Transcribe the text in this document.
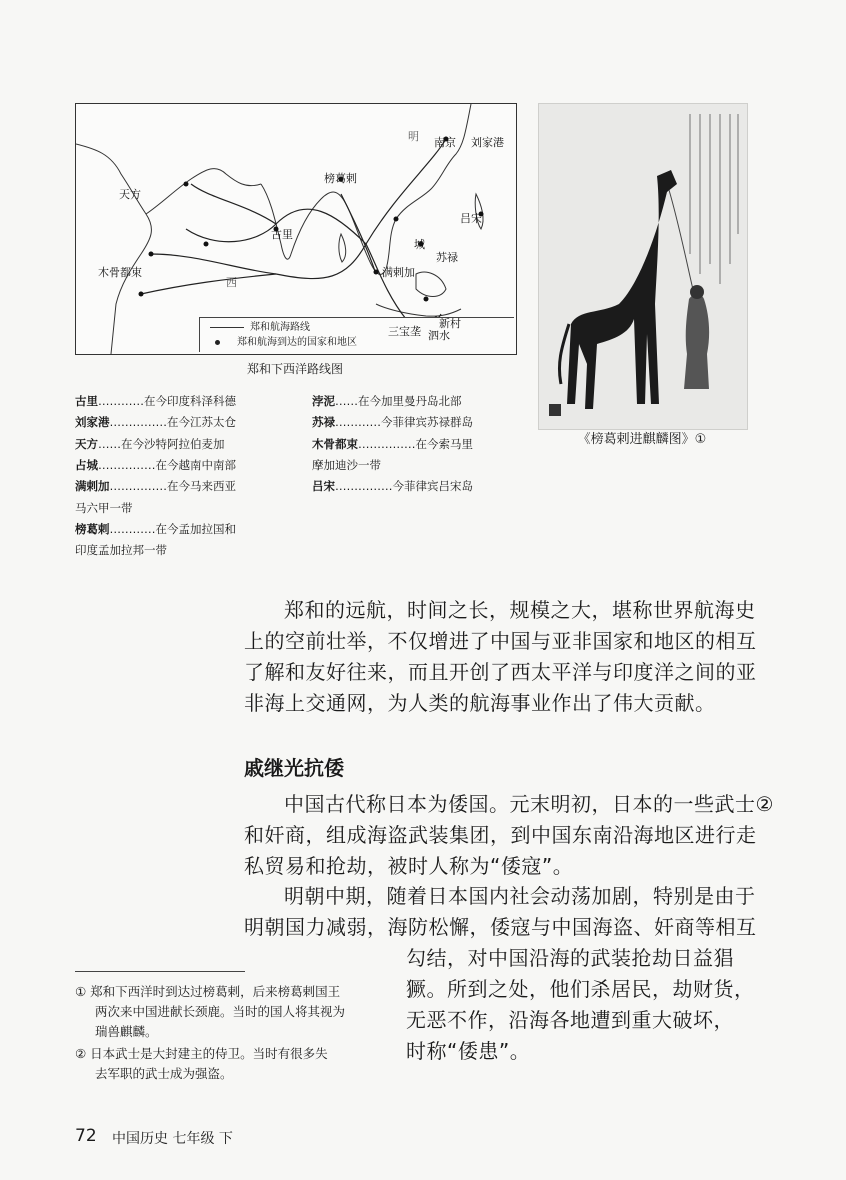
明 南京 刘家港
榜葛剌
天方
古里
吕宋
城
苏禄
木骨都束
西
满剌加
郑和航海路线
郑和航海到达的国家和地区
三宝垄
新村
泗水
郑和下西洋路线图
古里…………在今印度科泽科德
刘家港……………在今江苏太仓
天方……在今沙特阿拉伯麦加
占城……………在今越南中南部
满剌加……………在今马来西亚
马六甲一带
榜葛剌…………在今孟加拉国和
印度孟加拉邦一带
浡泥……在今加里曼丹岛北部
苏禄…………今菲律宾苏禄群岛
木骨都束……………在今索马里
摩加迪沙一带
吕宋……………今菲律宾吕宋岛
《榜葛剌进麒麟图》①
郑和的远航，时间之长，规模之大，堪称世界航海史
上的空前壮举，不仅增进了中国与亚非国家和地区的相互
了解和友好往来，而且开创了西太平洋与印度洋之间的亚
非海上交通网，为人类的航海事业作出了伟大贡献。
戚继光抗倭
中国古代称日本为倭国。元末明初，日本的一些武士②
和奸商，组成海盗武装集团，到中国东南沿海地区进行走
私贸易和抢劫，被时人称为“倭寇”。
明朝中期，随着日本国内社会动荡加剧，特别是由于
明朝国力减弱，海防松懈，倭寇与中国海盗、奸商等相互
勾结，对中国沿海的武装抢劫日益猖
獗。所到之处，他们杀居民，劫财货，
无恶不作，沿海各地遭到重大破坏，
时称“倭患”。
① 郑和下西洋时到达过榜葛剌，后来榜葛剌国王
两次来中国进献长颈鹿。当时的国人将其视为
瑞兽麒麟。
② 日本武士是大封建主的侍卫。当时有很多失
去军职的武士成为强盗。
72 中国历史 七年级 下
